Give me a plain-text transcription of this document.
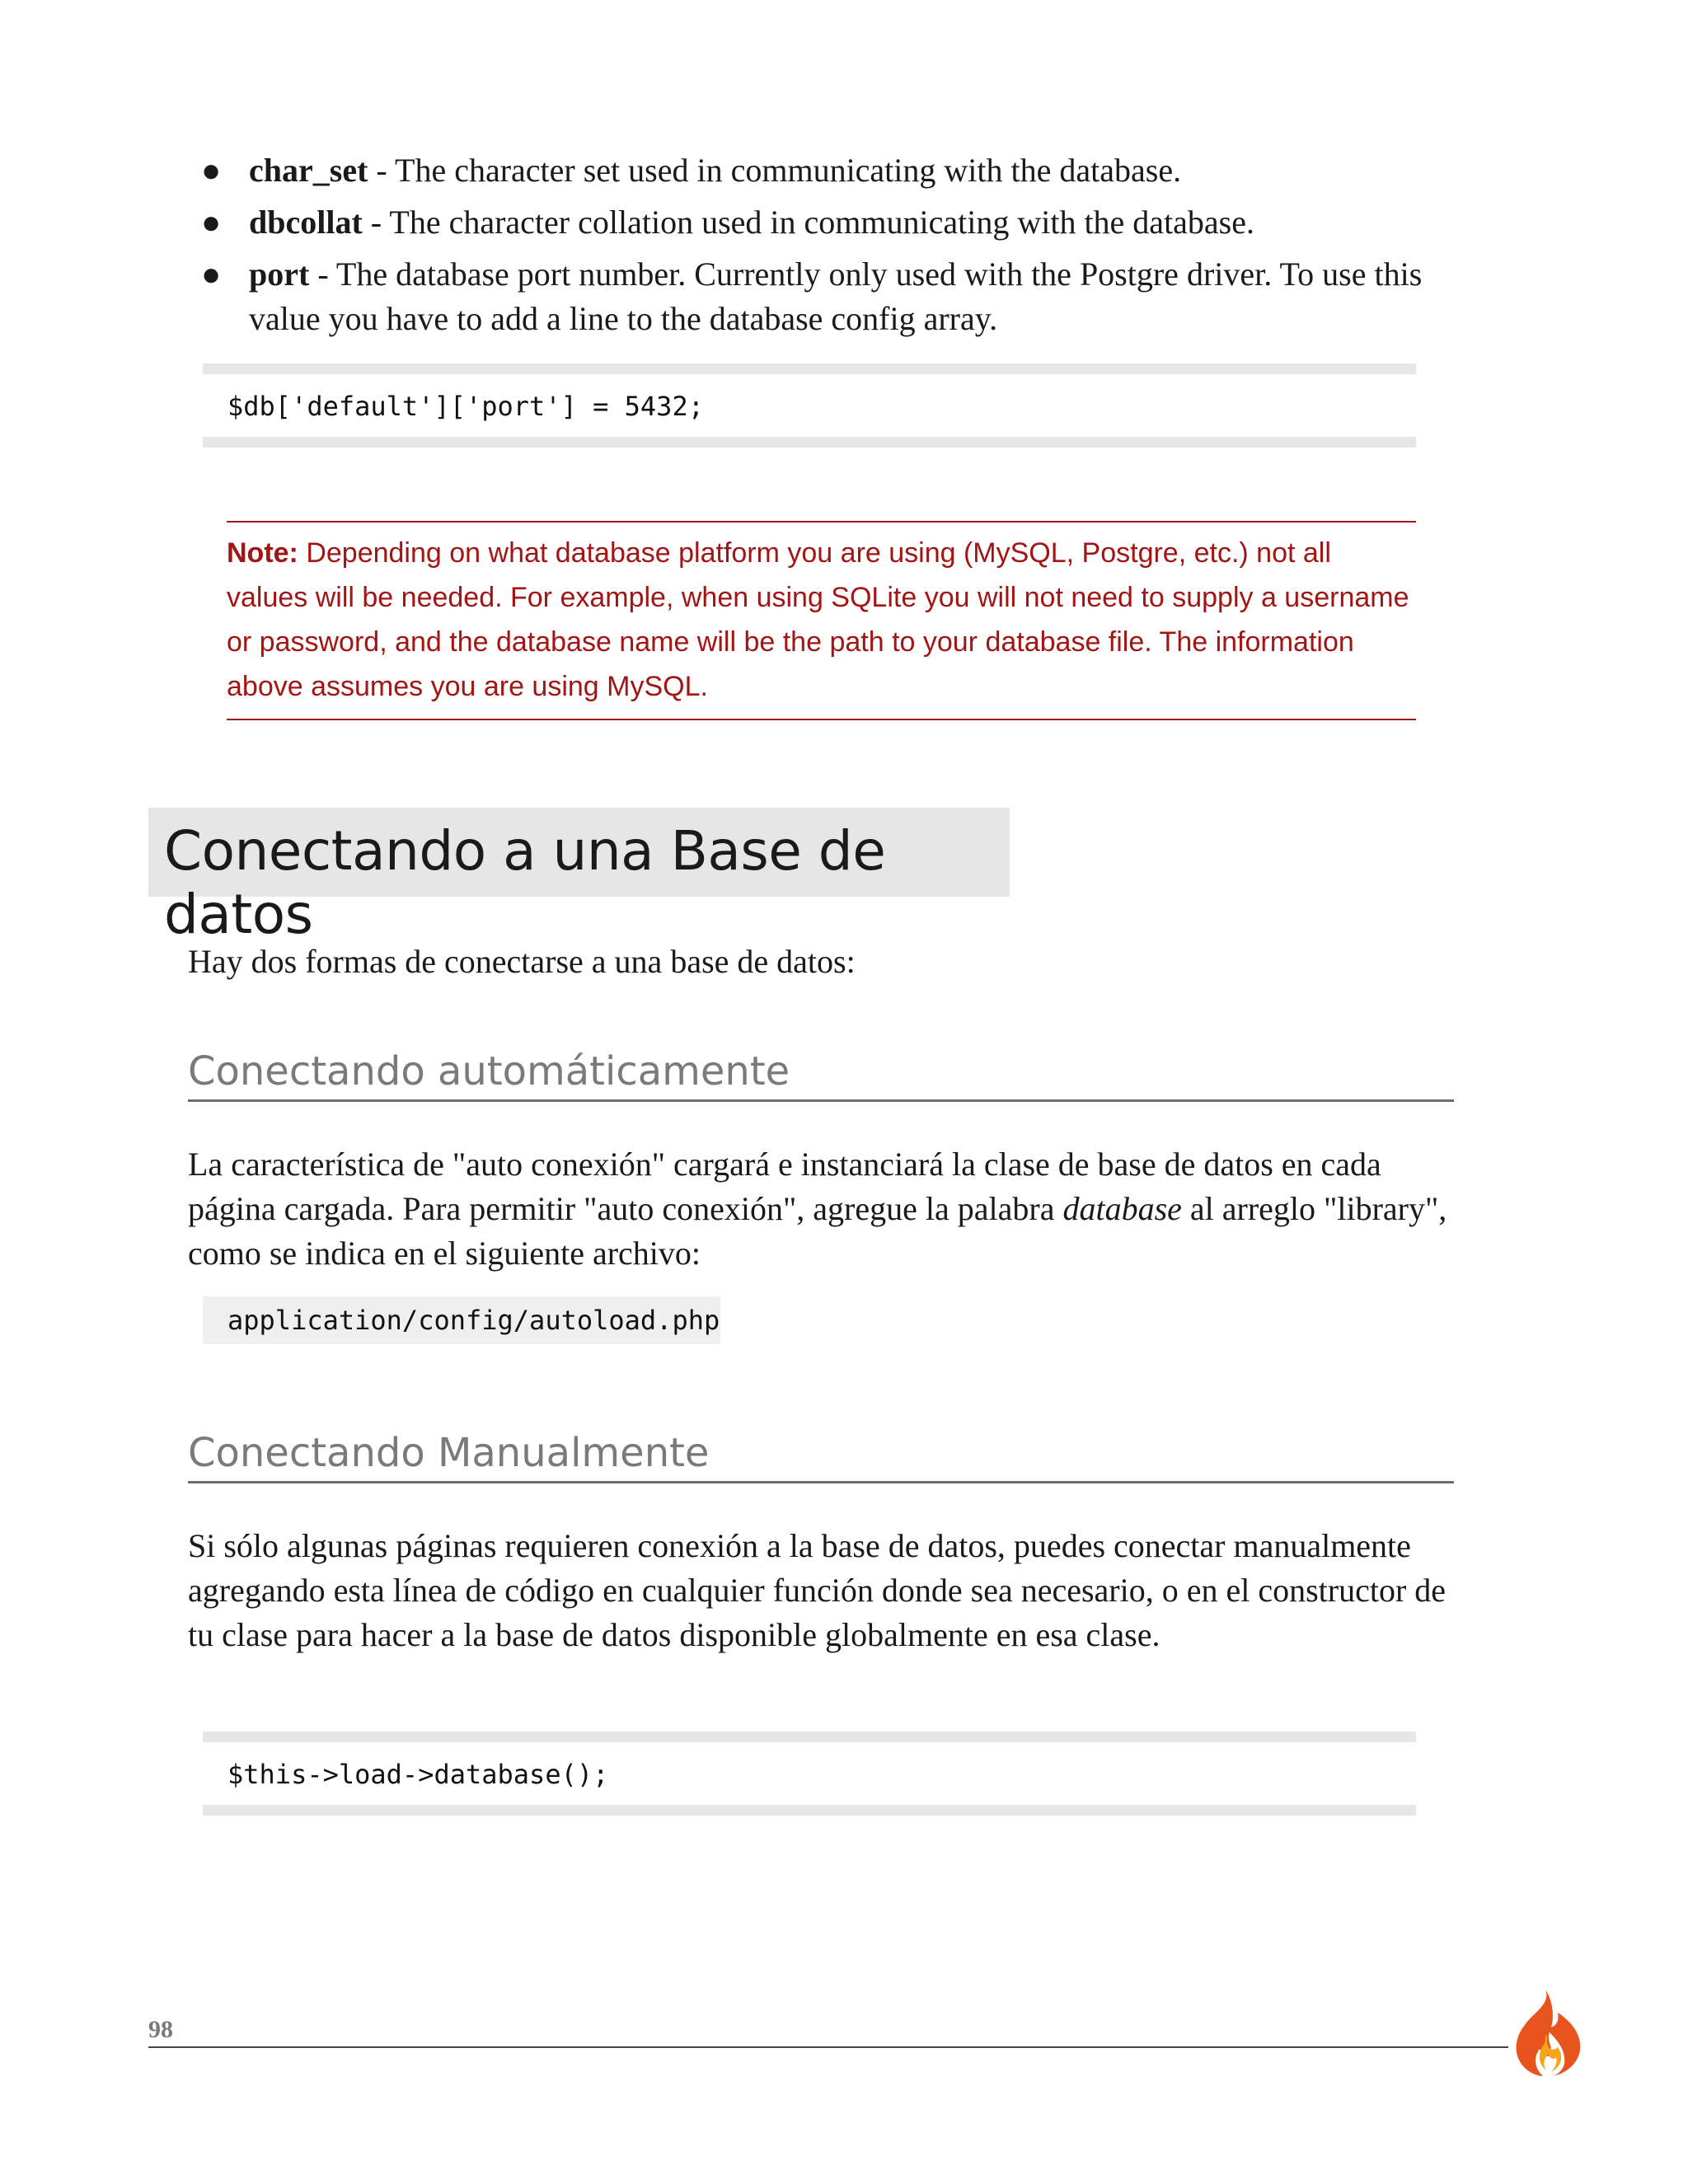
● char_set - The character set used in communicating with the database.
● dbcollat - The character collation used in communicating with the database.
● port - The database port number. Currently only used with the Postgre driver. To use this value you have to add a line to the database config array.
$db['default']['port'] = 5432;
Note: Depending on what database platform you are using (MySQL, Postgre, etc.) not all values will be needed. For example, when using SQLite you will not need to supply a username or password, and the database name will be the path to your database file. The information above assumes you are using MySQL.
Conectando a una Base de datos
Hay dos formas de conectarse a una base de datos:
Conectando automáticamente
La característica de "auto conexión" cargará e instanciará la clase de base de datos en cada página cargada. Para permitir "auto conexión", agregue la palabra database al arreglo "library", como se indica en el siguiente archivo:
application/config/autoload.php
Conectando Manualmente
Si sólo algunas páginas requieren conexión a la base de datos, puedes conectar manualmente agregando esta línea de código en cualquier función donde sea necesario, o en el constructor de tu clase para hacer a la base de datos disponible globalmente en esa clase.
$this->load->database();
98
